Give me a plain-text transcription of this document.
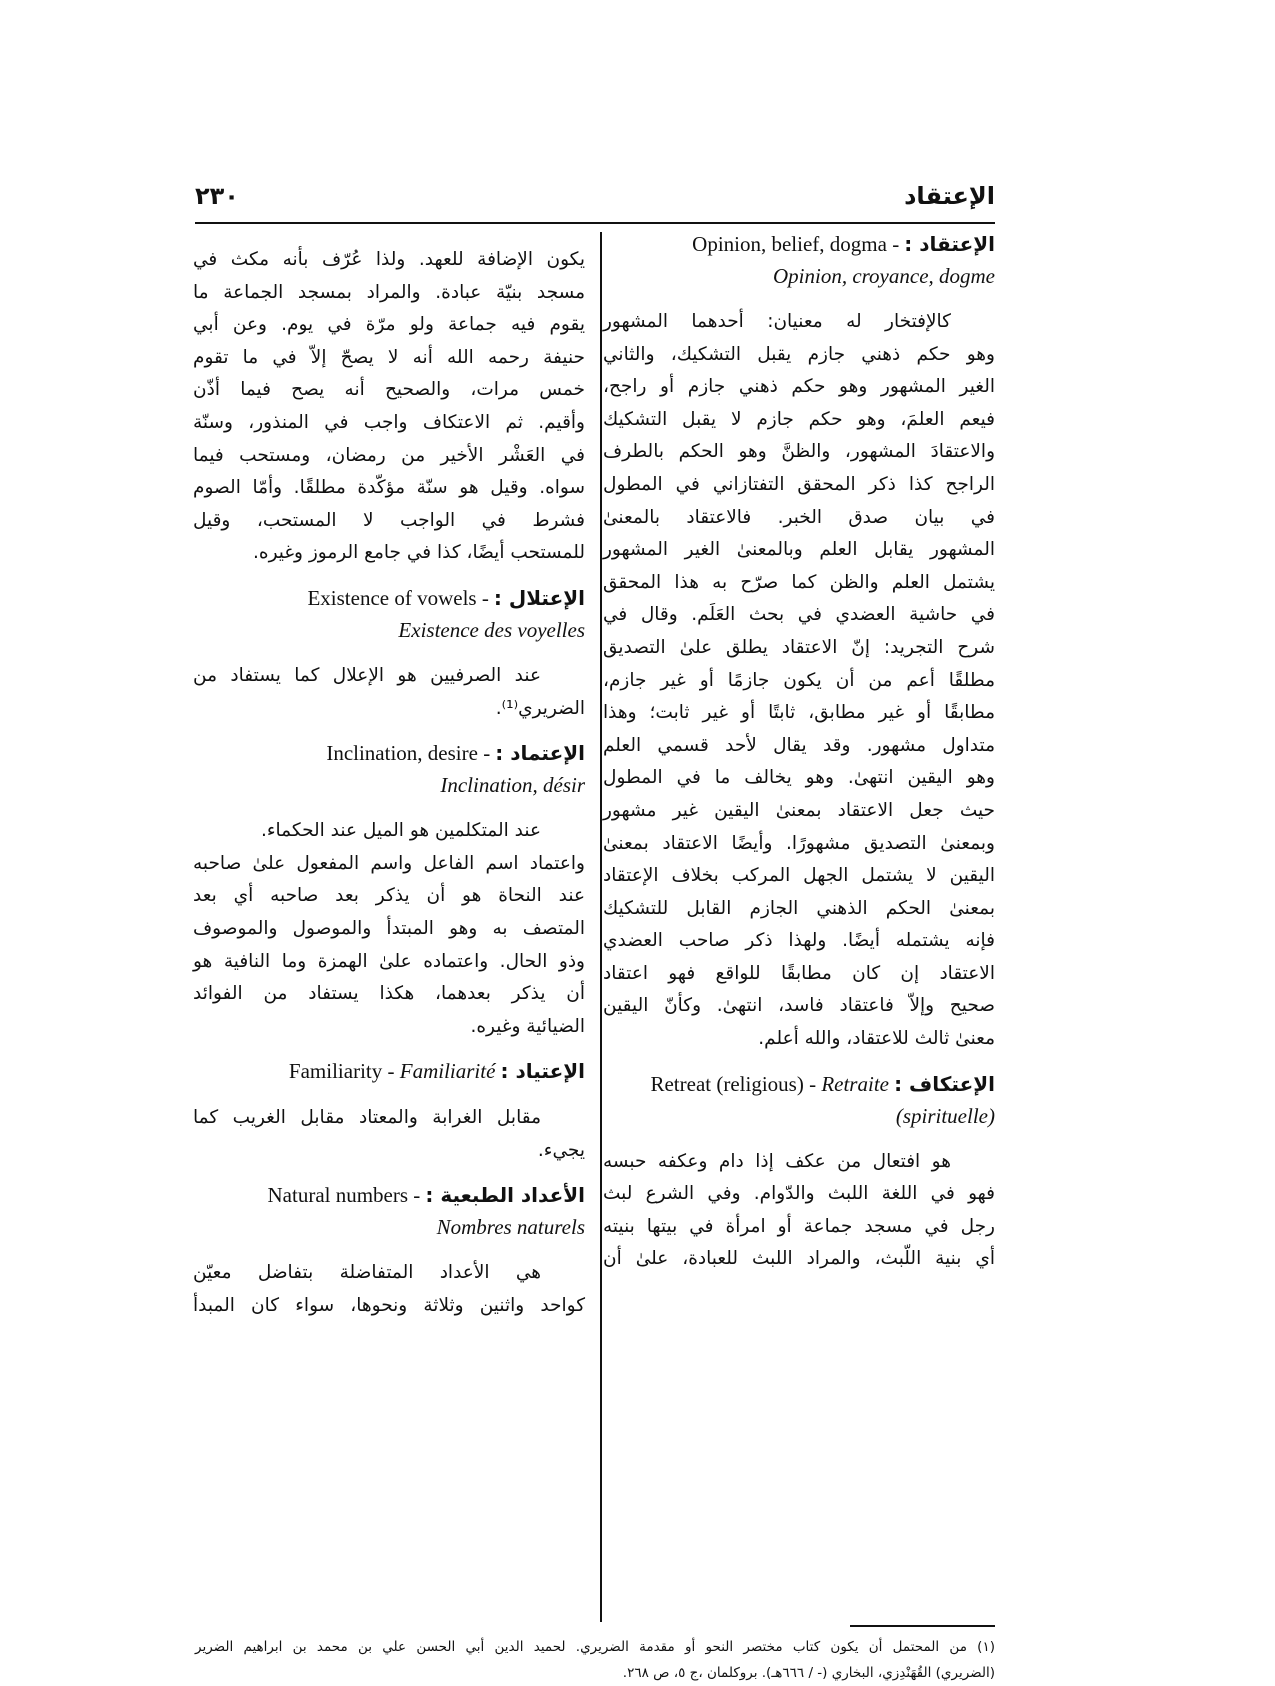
الإعتقاد
٢٣٠
الإعتقاد : Opinion, belief, dogma -
Opinion, croyance, dogme
كالإفتخار له معنيان: أحدهما المشهور
وهو حكم ذهني جازم يقبل التشكيك، والثاني
الغير المشهور وهو حكم ذهني جازم أو راجح،
فيعم العلمَ، وهو حكم جازم لا يقبل التشكيك
والاعتقادَ المشهور، والظنَّ وهو الحكم بالطرف
الراجح كذا ذكر المحقق التفتازاني في المطول
في بيان صدق الخبر. فالاعتقاد بالمعنىٰ
المشهور يقابل العلم وبالمعنىٰ الغير المشهور
يشتمل العلم والظن كما صرّح به هذا المحقق
في حاشية العضدي في بحث العَلَم. وقال في
شرح التجريد: إنّ الاعتقاد يطلق علىٰ التصديق
مطلقًا أعم من أن يكون جازمًا أو غير جازم،
مطابقًا أو غير مطابق، ثابتًا أو غير ثابت؛ وهذا
متداول مشهور. وقد يقال لأحد قسمي العلم
وهو اليقين انتهىٰ. وهو يخالف ما في المطول
حيث جعل الاعتقاد بمعنىٰ اليقين غير مشهور
وبمعنىٰ التصديق مشهورًا. وأيضًا الاعتقاد بمعنىٰ
اليقين لا يشتمل الجهل المركب بخلاف الإعتقاد
بمعنىٰ الحكم الذهني الجازم القابل للتشكيك
فإنه يشتمله أيضًا. ولهذا ذكر صاحب العضدي
الاعتقاد إن كان مطابقًا للواقع فهو اعتقاد
صحيح وإلاّ فاعتقاد فاسد، انتهىٰ. وكأنّ اليقين
معنىٰ ثالث للاعتقاد، والله أعلم.
الإعتكاف : Retreat (religious) - Retraite
(spirituelle)
هو افتعال من عكف إذا دام وعكفه حبسه
فهو في اللغة اللبث والدّوام. وفي الشرع لبث
رجل في مسجد جماعة أو امرأة في بيتها بنيته
أي بنية اللّبث، والمراد اللبث للعبادة، علىٰ أن
يكون الإضافة للعهد. ولذا عُرّف بأنه مكث في
مسجد بنيّة عبادة. والمراد بمسجد الجماعة ما
يقوم فيه جماعة ولو مرّة في يوم. وعن أبي
حنيفة رحمه الله أنه لا يصحّ إلاّ في ما تقوم
خمس مرات، والصحيح أنه يصح فيما أذّن
وأقيم. ثم الاعتكاف واجب في المنذور، وسنّة
في العَشْر الأخير من رمضان، ومستحب فيما
سواه. وقيل هو سنّة مؤكّدة مطلقًا. وأمّا الصوم
فشرط في الواجب لا المستحب، وقيل
للمستحب أيضًا، كذا في جامع الرموز وغيره.
الإعتلال : Existence of vowels -
Existence des voyelles
عند الصرفيين هو الإعلال كما يستفاد من
الضريري⁽¹⁾.
الإعتماد : Inclination, desire -
Inclination, désir
عند المتكلمين هو الميل عند الحكماء.
واعتماد اسم الفاعل واسم المفعول علىٰ صاحبه
عند النحاة هو أن يذكر بعد صاحبه أي بعد
المتصف به وهو المبتدأ والموصول والموصوف
وذو الحال. واعتماده علىٰ الهمزة وما النافية هو
أن يذكر بعدهما، هكذا يستفاد من الفوائد
الضيائية وغيره.
الإعتياد : Familiarity - Familiarité
مقابل الغرابة والمعتاد مقابل الغريب كما
يجيء.
الأعداد الطبعية : Natural numbers -
Nombres naturels
هي الأعداد المتفاضلة بتفاضل معيّن
كواحد واثنين وثلاثة ونحوها، سواء كان المبدأ
(١) من المحتمل أن يكون كتاب مختصر النحو أو مقدمة الضريري. لحميد الدين أبي الحسن علي بن محمد بن ابراهيم الضرير
(الضريري) القُهَنْدِزي، البخاري (- / ٦٦٦هـ). بروكلمان ،ج ٥، ص ٢٦٨.
